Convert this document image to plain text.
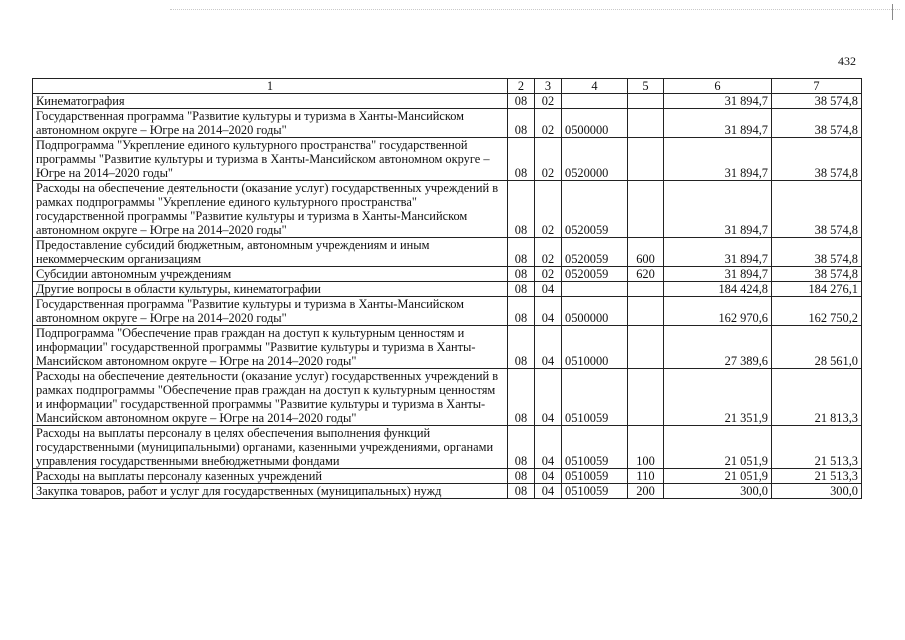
432
1	2	3	4	5	6	7
Кинематография	08	02			31 894,7	38 574,8
Государственная программа "Развитие культуры и туризма в Ханты-Мансийском автономном округе – Югре на 2014–2020 годы"	08	02	0500000		31 894,7	38 574,8
Подпрограмма "Укрепление единого культурного пространства" государственной программы "Развитие культуры и туризма в Ханты-Мансийском автономном округе – Югре на 2014–2020 годы"	08	02	0520000		31 894,7	38 574,8
Расходы на обеспечение деятельности (оказание услуг) государственных учреждений в рамках подпрограммы "Укрепление единого культурного пространства" государственной программы "Развитие культуры и туризма в Ханты-Мансийском автономном округе – Югре на 2014–2020 годы"	08	02	0520059		31 894,7	38 574,8
Предоставление субсидий бюджетным, автономным учреждениям и иным некоммерческим организациям	08	02	0520059	600	31 894,7	38 574,8
Субсидии автономным учреждениям	08	02	0520059	620	31 894,7	38 574,8
Другие вопросы в области культуры, кинематографии	08	04			184 424,8	184 276,1
Государственная программа "Развитие культуры и туризма в Ханты-Мансийском автономном округе – Югре на 2014–2020 годы"	08	04	0500000		162 970,6	162 750,2
Подпрограмма "Обеспечение прав граждан на доступ к культурным ценностям и информации" государственной программы "Развитие культуры и туризма в Ханты-Мансийском автономном округе – Югре на 2014–2020 годы"	08	04	0510000		27 389,6	28 561,0
Расходы на обеспечение деятельности (оказание услуг) государственных учреждений в рамках подпрограммы "Обеспечение прав граждан на доступ к культурным ценностям и информации" государственной программы "Развитие культуры и туризма в Ханты-Мансийском автономном округе – Югре на 2014–2020 годы"	08	04	0510059		21 351,9	21 813,3
Расходы на выплаты персоналу в целях обеспечения выполнения функций государственными (муниципальными) органами, казенными учреждениями, органами управления государственными внебюджетными фондами	08	04	0510059	100	21 051,9	21 513,3
Расходы на выплаты персоналу казенных учреждений	08	04	0510059	110	21 051,9	21 513,3
Закупка товаров, работ и услуг для государственных (муниципальных) нужд	08	04	0510059	200	300,0	300,0
